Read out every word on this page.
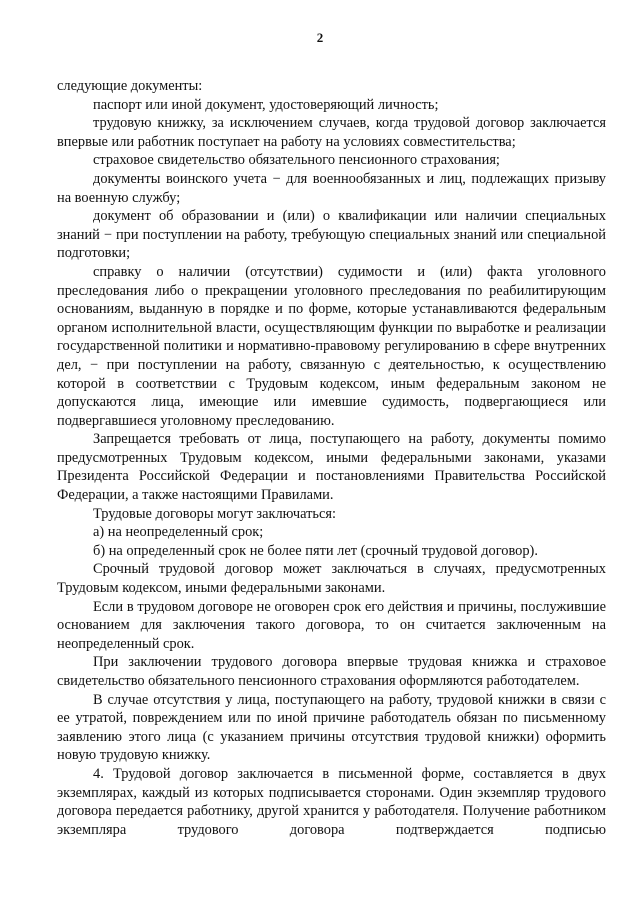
2

следующие документы:

паспорт или иной документ, удостоверяющий личность;

трудовую книжку, за исключением случаев, когда трудовой договор заключается впервые или работник поступает на работу на условиях совместительства;

страховое свидетельство обязательного пенсионного страхования;

документы воинского учета − для военнообязанных и лиц, подлежащих призыву на военную службу;

документ об образовании и (или) о квалификации или наличии специальных знаний − при поступлении на работу, требующую специальных знаний или специальной подготовки;

справку о наличии (отсутствии) судимости и (или) факта уголовного преследования либо о прекращении уголовного преследования по реабилитирующим основаниям, выданную в порядке и по форме, которые устанавливаются федеральным органом исполнительной власти, осуществляющим функции по выработке и реализации государственной политики и нормативно-правовому регулированию в сфере внутренних дел, − при поступлении на работу, связанную с деятельностью, к осуществлению которой в соответствии с Трудовым кодексом, иным федеральным законом не допускаются лица, имеющие или имевшие судимость, подвергающиеся или подвергавшиеся уголовному преследованию.

Запрещается требовать от лица, поступающего на работу, документы помимо предусмотренных Трудовым кодексом, иными федеральными законами, указами Президента Российской Федерации и постановлениями Правительства Российской Федерации, а также настоящими Правилами.

Трудовые договоры могут заключаться:

а) на неопределенный срок;

б) на определенный срок не более пяти лет (срочный трудовой договор).

Срочный трудовой договор может заключаться в случаях, предусмотренных Трудовым кодексом, иными федеральными законами.

Если в трудовом договоре не оговорен срок его действия и причины, послужившие основанием для заключения такого договора, то он считается заключенным на неопределенный срок.

При заключении трудового договора впервые трудовая книжка и страховое свидетельство обязательного пенсионного страхования оформляются работодателем.

В случае отсутствия у лица, поступающего на работу, трудовой книжки в связи с ее утратой, повреждением или по иной причине работодатель обязан по письменному заявлению этого лица (с указанием причины отсутствия трудовой книжки) оформить новую трудовую книжку.

4. Трудовой договор заключается в письменной форме, составляется в двух экземплярах, каждый из которых подписывается сторонами. Один экземпляр трудового договора передается работнику, другой хранится у работодателя. Получение работником экземпляра трудового договора подтверждается подписью
